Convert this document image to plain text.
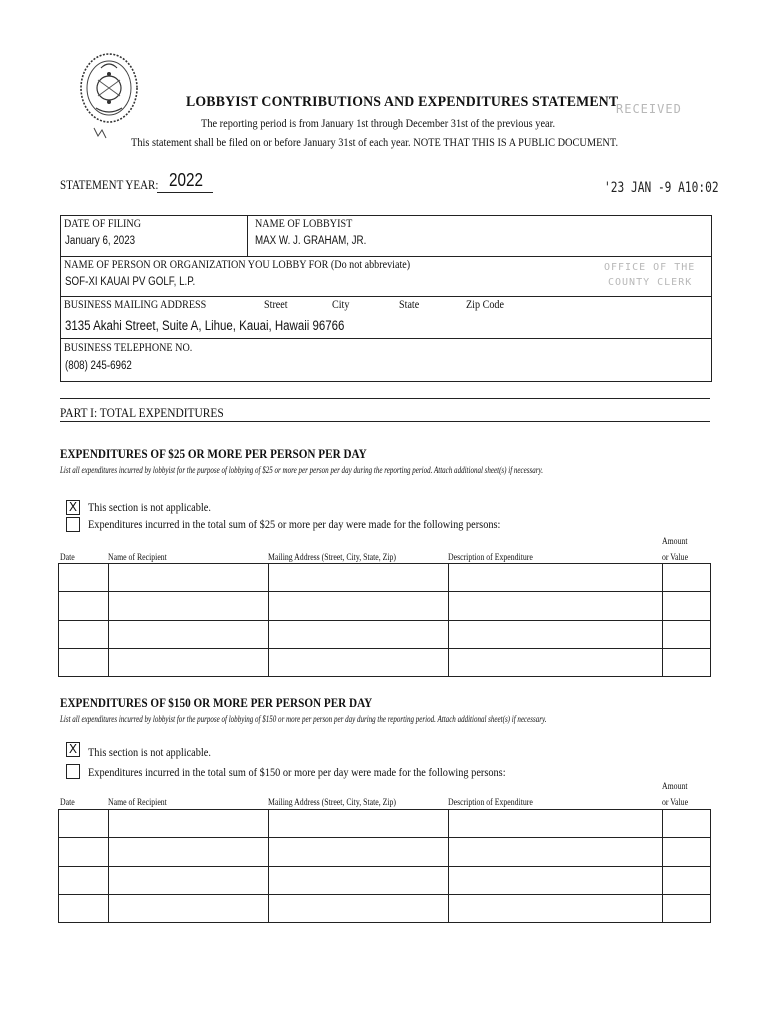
LOBBYIST CONTRIBUTIONS AND EXPENDITURES STATEMENT
The reporting period is from January 1st through December 31st of the previous year.
This statement shall be filed on or before January 31st of each year. NOTE THAT THIS IS A PUBLIC DOCUMENT.
RECEIVED
OFFICE OF THE
COUNTY CLERK
'23 JAN -9 A10:02
STATEMENT YEAR: 2022
DATE OF FILING
January 6, 2023
NAME OF LOBBYIST
MAX W. J. GRAHAM, JR.
NAME OF PERSON OR ORGANIZATION YOU LOBBY FOR (Do not abbreviate)
SOF-XI KAUAI PV GOLF, L.P.
BUSINESS MAILING ADDRESS	Street	City	State	Zip Code
3135 Akahi Street, Suite A, Lihue, Kauai, Hawaii 96766
BUSINESS TELEPHONE NO.
(808) 245-6962
PART I: TOTAL EXPENDITURES
EXPENDITURES OF $25 OR MORE PER PERSON PER DAY
List all expenditures incurred by lobbyist for the purpose of lobbying of $25 or more per person per day during the reporting period. Attach additional sheet(s) if necessary.
X This section is not applicable.
Expenditures incurred in the total sum of $25 or more per day were made for the following persons:
Amount
Date	Name of Recipient	Mailing Address (Street, City, State, Zip)	Description of Expenditure	or Value
EXPENDITURES OF $150 OR MORE PER PERSON PER DAY
List all expenditures incurred by lobbyist for the purpose of lobbying of $150 or more per person per day during the reporting period. Attach additional sheet(s) if necessary.
X This section is not applicable.
Expenditures incurred in the total sum of $150 or more per day were made for the following persons:
Amount
Date	Name of Recipient	Mailing Address (Street, City, State, Zip)	Description of Expenditure	or Value
